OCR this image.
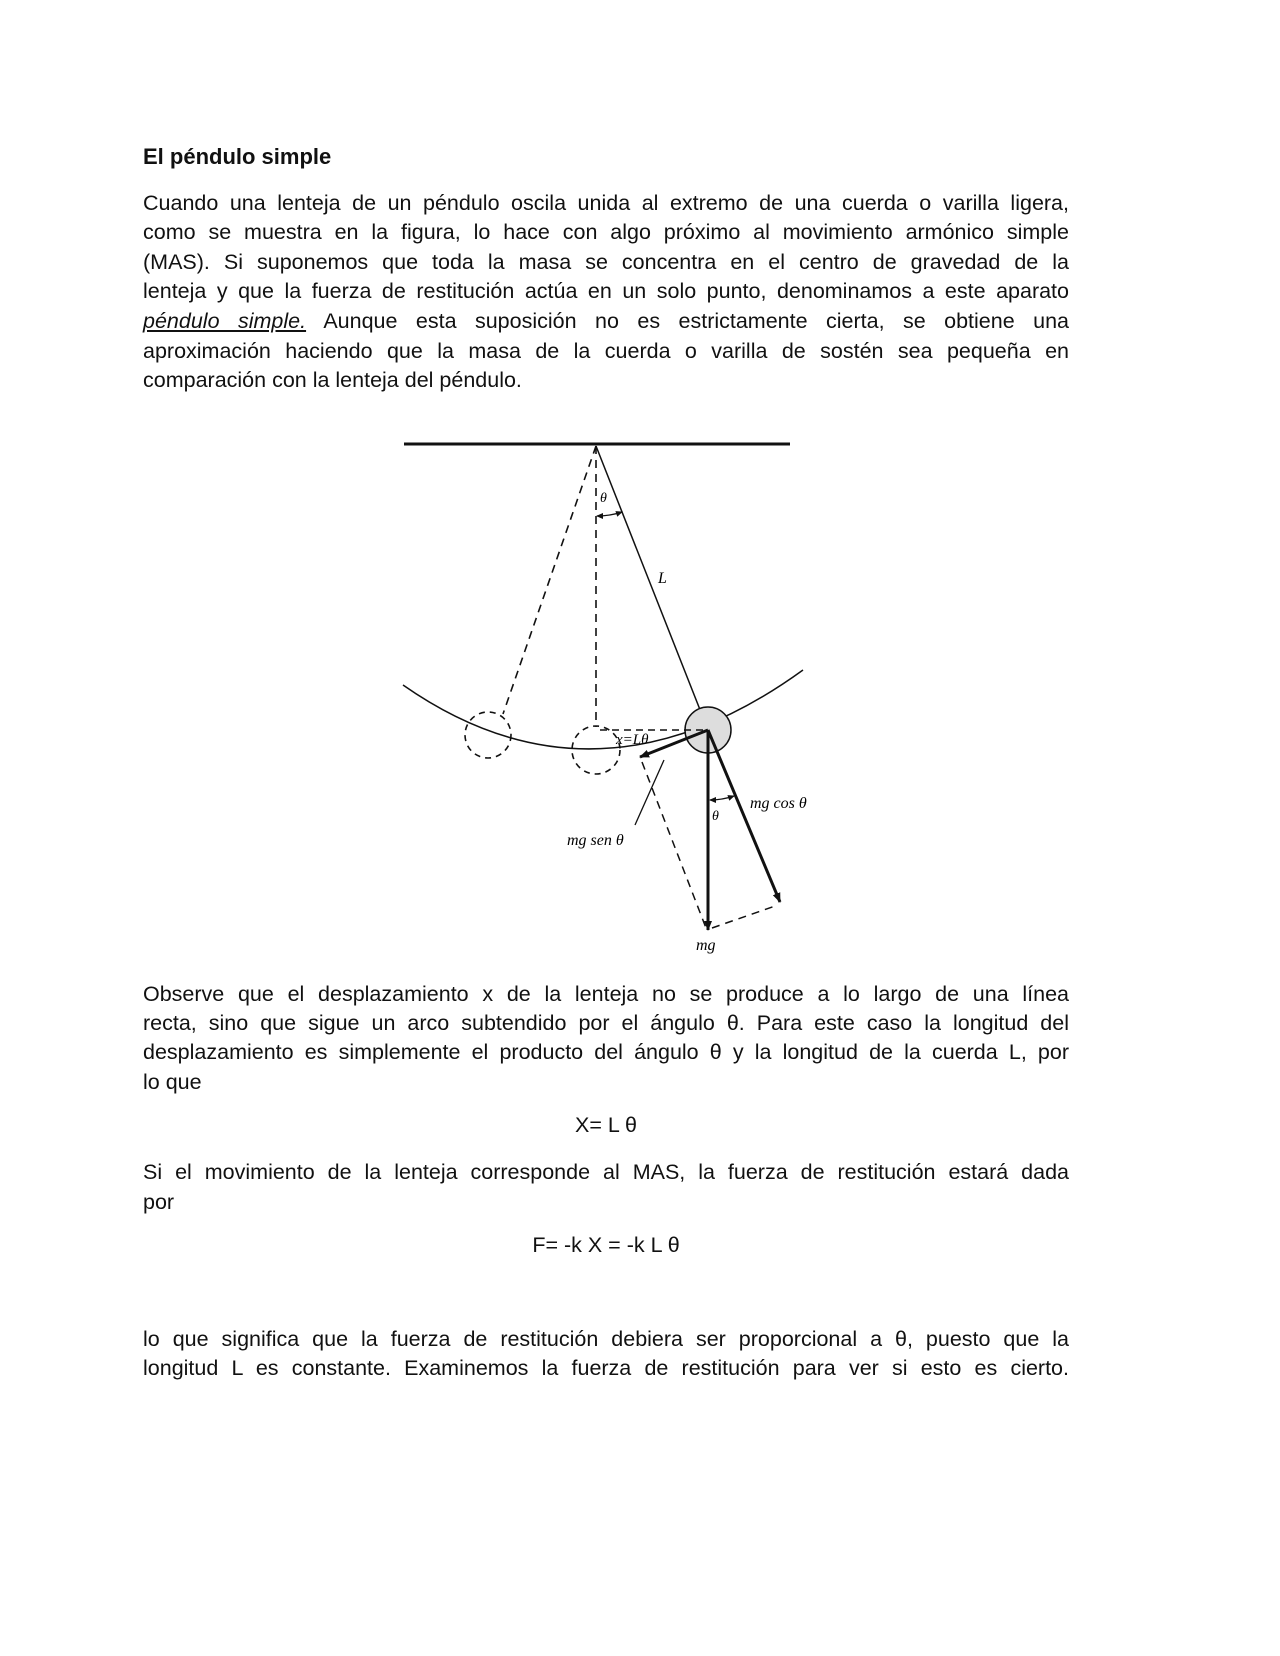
El péndulo simple
Cuando una lenteja de un péndulo oscila unida al extremo de una cuerda o varilla ligera,
como se muestra en la figura, lo hace con algo próximo al movimiento armónico simple
(MAS). Si suponemos que toda la masa se concentra en el centro de gravedad de la
lenteja y que la fuerza de restitución actúa en un solo punto, denominamos a este aparato
péndulo simple. Aunque esta suposición no es estrictamente cierta, se obtiene una
aproximación haciendo que la masa de la cuerda o varilla de sostén sea pequeña en
comparación con la lenteja del péndulo.
θ
L
x=Lθ
mg sen θ
mg cos θ
θ
mg
Observe que el desplazamiento x de la lenteja no se produce a lo largo de una línea
recta, sino que sigue un arco subtendido por el ángulo θ. Para este caso la longitud del
desplazamiento es simplemente el producto del ángulo θ y la longitud de la cuerda L, por
lo que
X= L θ
Si el movimiento de la lenteja corresponde al MAS, la fuerza de restitución estará dada
por
F= -k X = -k L θ
lo que significa que la fuerza de restitución debiera ser proporcional a θ, puesto que la
longitud L es constante. Examinemos la fuerza de restitución para ver si esto es cierto.
